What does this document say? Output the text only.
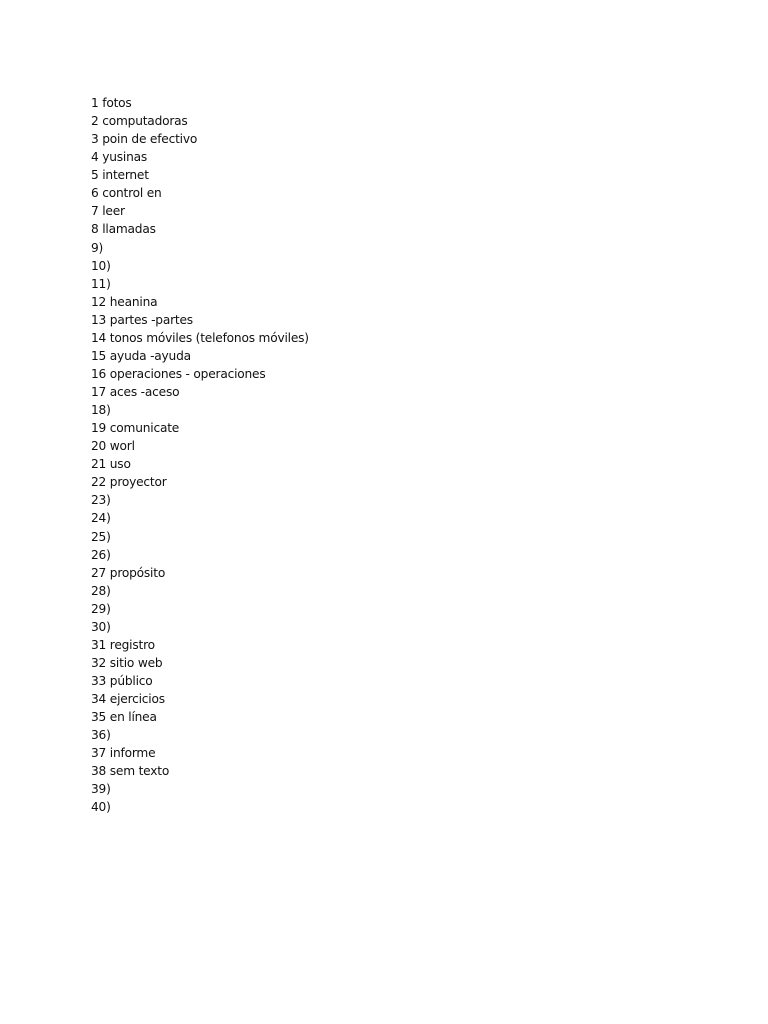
1 fotos
2 computadoras
3 poin de efectivo
4 yusinas
5 internet
6 control en
7 leer
8 llamadas
9)
10)
11)
12 heanina
13 partes -partes
14 tonos móviles (telefonos móviles)
15 ayuda -ayuda
16 operaciones - operaciones
17 aces -aceso
18)
19 comunicate
20 worl
21 uso
22 proyector
23)
24)
25)
26)
27 propósito
28)
29)
30)
31 registro
32 sitio web
33 público
34 ejercicios
35 en línea
36)
37 informe
38 sem texto
39)
40)
